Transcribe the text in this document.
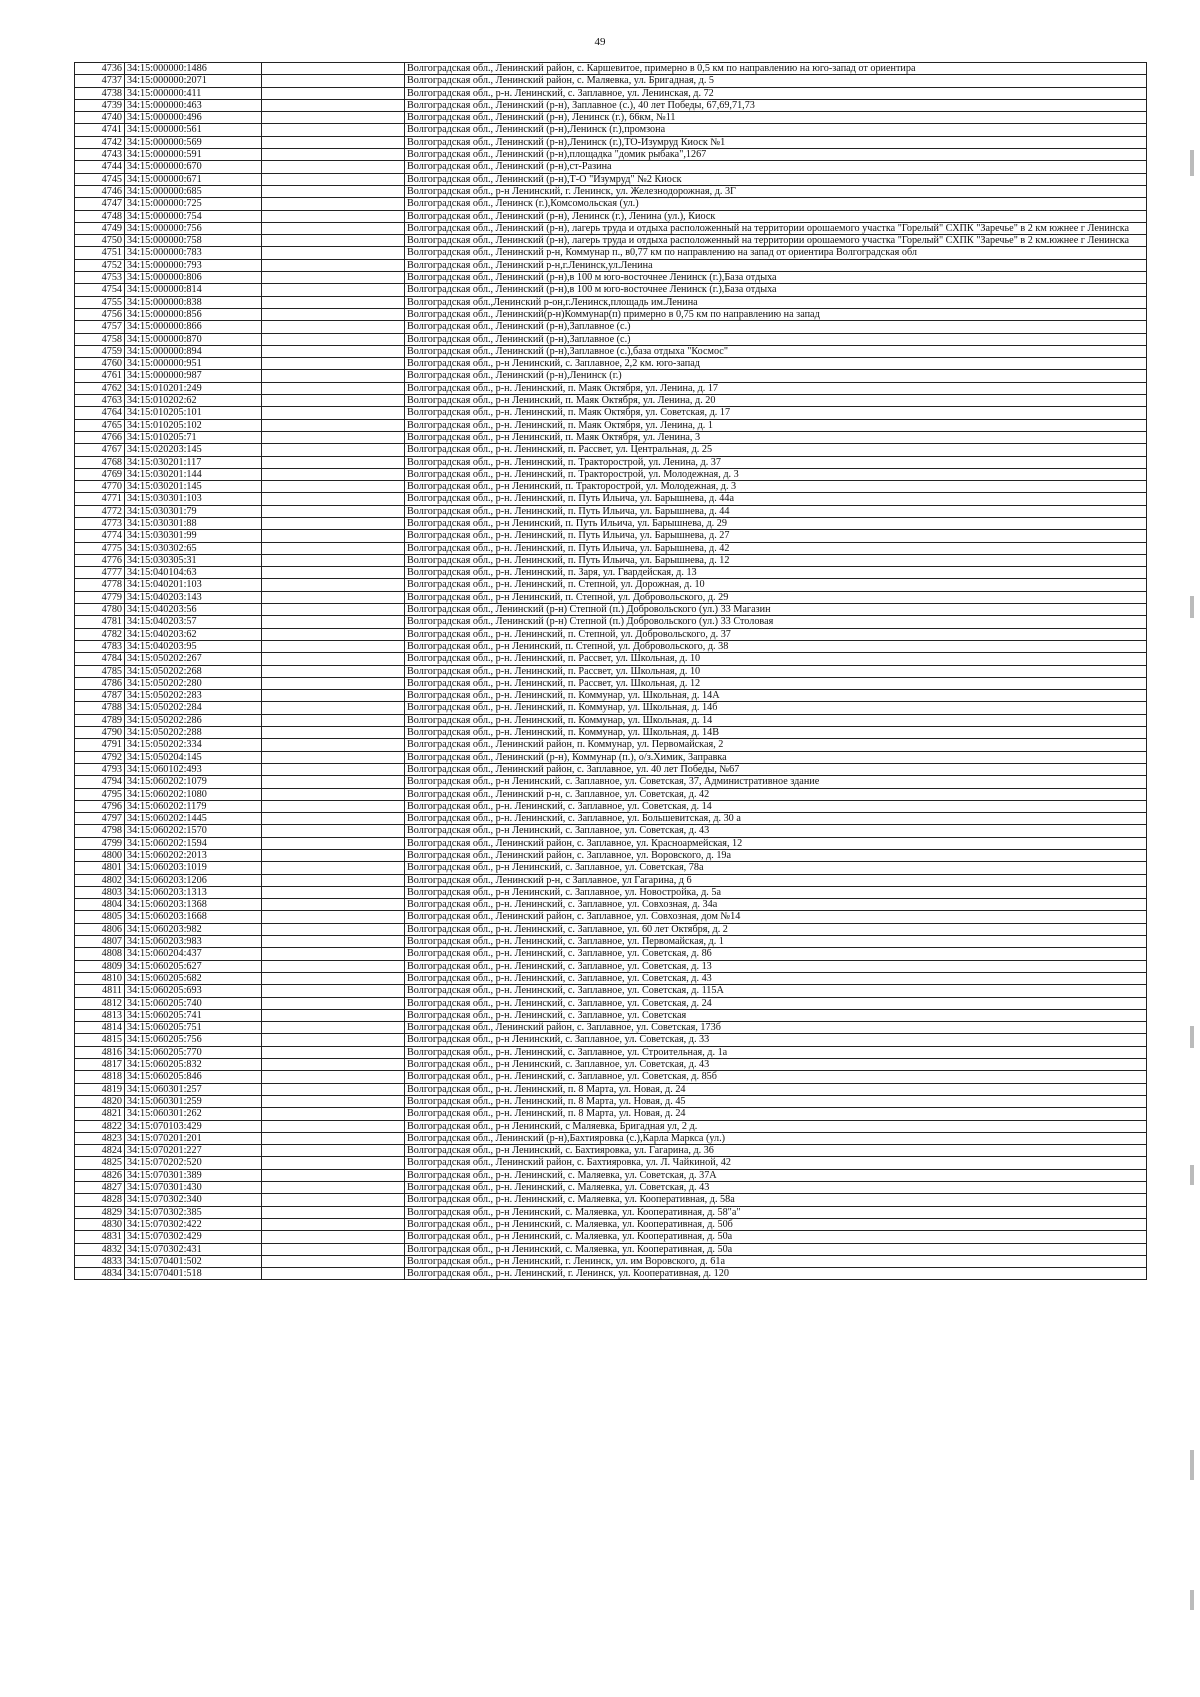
49
4736	34:15:000000:1486		Волгоградская обл., Ленинский район, с. Каршевитое, примерно в 0,5 км по направлению на юго-запад от ориентира
4737	34:15:000000:2071		Волгоградская обл., Ленинский район, с. Маляевка, ул. Бригадная, д. 5
4738	34:15:000000:411		Волгоградская обл., р-н. Ленинский, с. Заплавное, ул. Ленинская, д. 72
4739	34:15:000000:463		Волгоградская обл., Ленинский (р-н), Заплавное (с.), 40 лет Победы, 67,69,71,73
4740	34:15:000000:496		Волгоградская обл., Ленинский (р-н), Ленинск (г.), 66км, №11
4741	34:15:000000:561		Волгоградская обл., Ленинский (р-н),Ленинск (г.),промзона
4742	34:15:000000:569		Волгоградская обл., Ленинский (р-н),Ленинск (г.),ТО-Изумруд Киоск №1
4743	34:15:000000:591		Волгоградская обл., Ленинский (р-н),площадка "домик рыбака",1267
4744	34:15:000000:670		Волгоградская обл., Ленинский (р-н),ст-Разина
4745	34:15:000000:671		Волгоградская обл., Ленинский (р-н),Т-О "Изумруд" №2 Киоск
4746	34:15:000000:685		Волгоградская обл., р-н Ленинский, г. Ленинск, ул. Железнодорожная, д. 3Г
4747	34:15:000000:725		Волгоградская обл., Ленинск (г.),Комсомольская (ул.)
4748	34:15:000000:754		Волгоградская обл., Ленинский (р-н), Ленинск (г.), Ленина (ул.), Киоск
4749	34:15:000000:756		Волгоградская обл., Ленинский (р-н), лагерь труда и отдыха расположенный на территории орошаемого участка "Горелый" СХПК "Заречье" в 2 км южнее г Ленинска
4750	34:15:000000:758		Волгоградская обл., Ленинский (р-н), лагерь труда и отдыха расположенный на территории орошаемого участка "Горелый" СХПК "Заречье" в 2 км.южнее г Ленинска
4751	34:15:000000:783		Волгоградская обл., Ленинский р-н, Коммунар п., в0,77 км по направлению на запад от ориентира Волгоградская обл
4752	34:15:000000:793		Волгоградская обл., Ленинский р-н,г.Ленинск,ул.Ленина
4753	34:15:000000:806		Волгоградская обл., Ленинский (р-н),в 100 м юго-восточнее Ленинск (г.),База отдыха
4754	34:15:000000:814		Волгоградская обл., Ленинский (р-н),в 100 м юго-восточнее Ленинск (г.),База отдыха
4755	34:15:000000:838		Волгоградская обл.,Ленинский р-он,г.Ленинск,площадь им.Ленина
4756	34:15:000000:856		Волгоградская обл., Ленинский(р-н)Коммунар(п) примерно в 0,75 км по направлению на запад
4757	34:15:000000:866		Волгоградская обл., Ленинский (р-н),Заплавное (с.)
4758	34:15:000000:870		Волгоградская обл., Ленинский (р-н),Заплавное (с.)
4759	34:15:000000:894		Волгоградская обл., Ленинский (р-н),Заплавное (с.),база отдыха "Космос"
4760	34:15:000000:951		Волгоградская обл., р-н Ленинский, с. Заплавное, 2,2 км. юго-запад
4761	34:15:000000:987		Волгоградская обл., Ленинский (р-н),Ленинск (г.)
4762	34:15:010201:249		Волгоградская обл., р-н. Ленинский, п. Маяк Октября, ул. Ленина, д. 17
4763	34:15:010202:62		Волгоградская обл., р-н Ленинский, п. Маяк Октября, ул. Ленина, д. 20
4764	34:15:010205:101		Волгоградская обл., р-н. Ленинский, п. Маяк Октября, ул. Советская, д. 17
4765	34:15:010205:102		Волгоградская обл., р-н. Ленинский, п. Маяк Октября, ул. Ленина, д. 1
4766	34:15:010205:71		Волгоградская обл., р-н Ленинский, п. Маяк Октября, ул. Ленина, 3
4767	34:15:020203:145		Волгоградская обл., р-н. Ленинский, п. Рассвет, ул. Центральная, д. 25
4768	34:15:030201:117		Волгоградская обл., р-н. Ленинский, п. Тракторострой, ул. Ленина, д. 37
4769	34:15:030201:144		Волгоградская обл., р-н. Ленинский, п. Тракторострой, ул. Молодежная, д. 3
4770	34:15:030201:145		Волгоградская обл., р-н Ленинский, п. Тракторострой, ул. Молодежная, д. 3
4771	34:15:030301:103		Волгоградская обл., р-н. Ленинский, п. Путь Ильича, ул. Барышнева, д. 44а
4772	34:15:030301:79		Волгоградская обл., р-н. Ленинский, п. Путь Ильича, ул. Барышнева, д. 44
4773	34:15:030301:88		Волгоградская обл., р-н Ленинский, п. Путь Ильича, ул. Барышнева, д. 29
4774	34:15:030301:99		Волгоградская обл., р-н. Ленинский, п. Путь Ильича, ул. Барышнева, д. 27
4775	34:15:030302:65		Волгоградская обл., р-н. Ленинский, п. Путь Ильича, ул. Барышнева, д. 42
4776	34:15:030305:31		Волгоградская обл., р-н. Ленинский, п. Путь Ильича, ул. Барышнева, д. 12
4777	34:15:040104:63		Волгоградская обл., р-н. Ленинский, п. Заря, ул. Гвардейская, д. 13
4778	34:15:040201:103		Волгоградская обл., р-н. Ленинский, п. Степной, ул. Дорожная, д. 10
4779	34:15:040203:143		Волгоградская обл., р-н Ленинский, п. Степной, ул. Добровольского, д. 29
4780	34:15:040203:56		Волгоградская обл., Ленинский (р-н) Степной (п.) Добровольского (ул.) 33 Магазин
4781	34:15:040203:57		Волгоградская обл., Ленинский (р-н) Степной (п.) Добровольского (ул.) 33 Столовая
4782	34:15:040203:62		Волгоградская обл., р-н. Ленинский, п. Степной, ул. Добровольского, д. 37
4783	34:15:040203:95		Волгоградская обл., р-н Ленинский, п. Степной, ул. Добровольского, д. 38
4784	34:15:050202:267		Волгоградская обл., р-н. Ленинский, п. Рассвет, ул. Школьная, д. 10
4785	34:15:050202:268		Волгоградская обл., р-н. Ленинский, п. Рассвет, ул. Школьная, д. 10
4786	34:15:050202:280		Волгоградская обл., р-н. Ленинский, п. Рассвет, ул. Школьная, д. 12
4787	34:15:050202:283		Волгоградская обл., р-н. Ленинский, п. Коммунар, ул. Школьная, д. 14А
4788	34:15:050202:284		Волгоградская обл., р-н. Ленинский, п. Коммунар, ул. Школьная, д. 14б
4789	34:15:050202:286		Волгоградская обл., р-н. Ленинский, п. Коммунар, ул. Школьная, д. 14
4790	34:15:050202:288		Волгоградская обл., р-н. Ленинский, п. Коммунар, ул. Школьная, д. 14В
4791	34:15:050202:334		Волгоградская обл., Ленинский район, п. Коммунар, ул. Первомайская, 2
4792	34:15:050204:145		Волгоградская обл., Ленинский (р-н), Коммунар (п.), о/з.Химик, Заправка
4793	34:15:060102:493		Волгоградская обл., Ленинский район, с. Заплавное, ул. 40 лет Победы, №67
4794	34:15:060202:1079		Волгоградская обл., р-н Ленинский, с. Заплавное, ул. Советская, 37, Административное здание
4795	34:15:060202:1080		Волгоградская обл., Ленинский р-н, с. Заплавное, ул. Советская, д. 42
4796	34:15:060202:1179		Волгоградская обл., р-н. Ленинский, с. Заплавное, ул. Советская, д. 14
4797	34:15:060202:1445		Волгоградская обл., р-н. Ленинский, с. Заплавное, ул. Большевитская, д. 30 а
4798	34:15:060202:1570		Волгоградская обл., р-н Ленинский, с. Заплавное, ул. Советская, д. 43
4799	34:15:060202:1594		Волгоградская обл., Ленинский район, с. Заплавное, ул. Красноармейская, 12
4800	34:15:060202:2013		Волгоградская обл., Ленинский район, с. Заплавное, ул. Воровского, д. 19а
4801	34:15:060203:1019		Волгоградская обл., р-н Ленинский, с. Заплавное, ул. Советская, 78а
4802	34:15:060203:1206		Волгоградская обл., Ленинский р-н, с Заплавное, ул Гагарина, д 6
4803	34:15:060203:1313		Волгоградская обл., р-н Ленинский, с. Заплавное, ул. Новостройка, д. 5а
4804	34:15:060203:1368		Волгоградская обл., р-н. Ленинский, с. Заплавное, ул. Совхозная, д. 34а
4805	34:15:060203:1668		Волгоградская обл., Ленинский район, с. Заплавное, ул. Совхозная, дом №14
4806	34:15:060203:982		Волгоградская обл., р-н. Ленинский, с. Заплавное, ул. 60 лет Октября, д. 2
4807	34:15:060203:983		Волгоградская обл., р-н. Ленинский, с. Заплавное, ул. Первомайская, д. 1
4808	34:15:060204:437		Волгоградская обл., р-н. Ленинский, с. Заплавное, ул. Советская, д. 86
4809	34:15:060205:627		Волгоградская обл., р-н. Ленинский, с. Заплавное, ул. Советская, д. 13
4810	34:15:060205:682		Волгоградская обл., р-н. Ленинский, с. Заплавное, ул. Советская, д. 43
4811	34:15:060205:693		Волгоградская обл., р-н. Ленинский, с. Заплавное, ул. Советская, д. 115А
4812	34:15:060205:740		Волгоградская обл., р-н. Ленинский, с. Заплавное, ул. Советская, д. 24
4813	34:15:060205:741		Волгоградская обл., р-н. Ленинский, с. Заплавное, ул. Советская
4814	34:15:060205:751		Волгоградская обл., Ленинский район, с. Заплавное, ул. Советская, 173б
4815	34:15:060205:756		Волгоградская обл., р-н Ленинский, с. Заплавное, ул. Советская, д. 33
4816	34:15:060205:770		Волгоградская обл., р-н. Ленинский, с. Заплавное, ул. Строительная, д. 1а
4817	34:15:060205:832		Волгоградская обл., р-н Ленинский, с. Заплавное, ул. Советская, д. 43
4818	34:15:060205:846		Волгоградская обл., р-н. Ленинский, с. Заплавное, ул. Советская, д. 85б
4819	34:15:060301:257		Волгоградская обл., р-н. Ленинский, п. 8 Марта, ул. Новая, д. 24
4820	34:15:060301:259		Волгоградская обл., р-н. Ленинский, п. 8 Марта, ул. Новая, д. 45
4821	34:15:060301:262		Волгоградская обл., р-н. Ленинский, п. 8 Марта, ул. Новая, д. 24
4822	34:15:070103:429		Волгоградская обл., р-н Ленинский, с Маляевка, Бригадная ул, 2 д.
4823	34:15:070201:201		Волгоградская обл., Ленинский (р-н),Бахтияровка (с.),Карла Маркса (ул.)
4824	34:15:070201:227		Волгоградская обл., р-н Ленинский, с. Бахтияровка, ул. Гагарина, д. 36
4825	34:15:070202:520		Волгоградская обл., Ленинский район, с. Бахтияровка, ул. Л. Чайкиной, 42
4826	34:15:070301:389		Волгоградская обл., р-н. Ленинский, с. Маляевка, ул. Советская, д. 37А
4827	34:15:070301:430		Волгоградская обл., р-н. Ленинский, с. Маляевка, ул. Советская, д. 43
4828	34:15:070302:340		Волгоградская обл., р-н. Ленинский, с. Маляевка, ул. Кооперативная, д. 58а
4829	34:15:070302:385		Волгоградская обл., р-н Ленинский, с. Маляевка, ул. Кооперативная, д. 58"а"
4830	34:15:070302:422		Волгоградская обл., р-н Ленинский, с. Маляевка, ул. Кооперативная, д. 50б
4831	34:15:070302:429		Волгоградская обл., р-н Ленинский, с. Маляевка, ул. Кооперативная, д. 50а
4832	34:15:070302:431		Волгоградская обл., р-н Ленинский, с. Маляевка, ул. Кооперативная, д. 50а
4833	34:15:070401:502		Волгоградская обл., р-н Ленинский, г. Ленинск, ул. им Воровского, д. 61а
4834	34:15:070401:518		Волгоградская обл., р-н. Ленинский, г. Ленинск, ул. Кооперативная, д. 120
